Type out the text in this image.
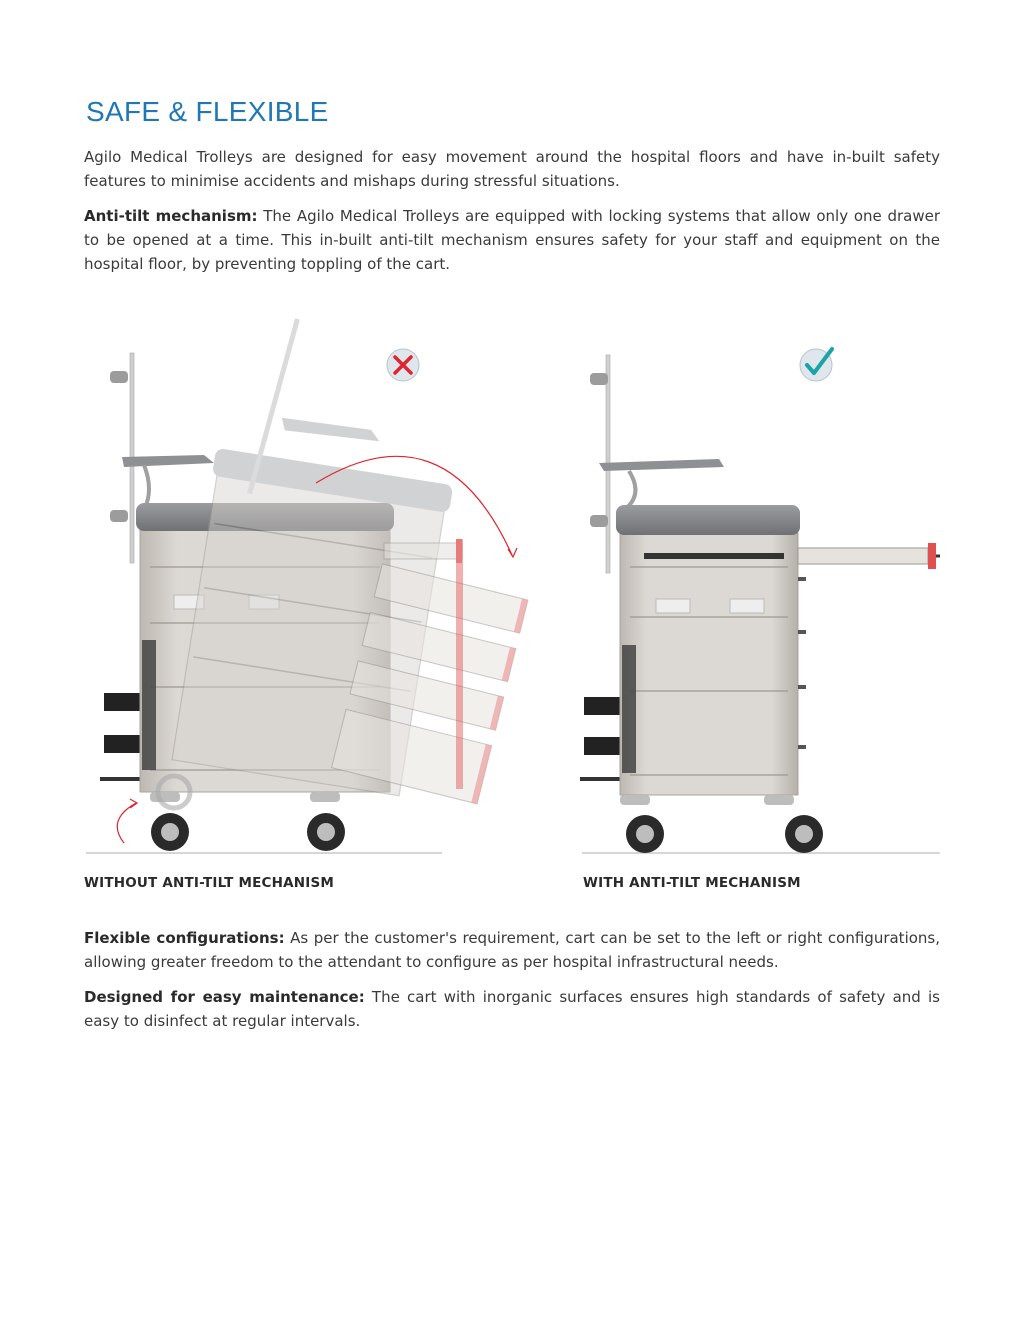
SAFE & FLEXIBLE

Agilo Medical Trolleys are designed for easy movement around the hospital floors and have in-built safety features to minimise accidents and mishaps during stressful situations.

Anti-tilt mechanism: The Agilo Medical Trolleys are equipped with locking systems that allow only one drawer to be opened at a time. This in-built anti-tilt mechanism ensures safety for your staff and equipment on the hospital floor, by preventing toppling of the cart.

WITHOUT ANTI-TILT MECHANISM	WITH ANTI-TILT MECHANISM

Flexible configurations: As per the customer's requirement, cart can be set to the left or right configurations, allowing greater freedom to the attendant to configure as per hospital infrastructural needs.

Designed for easy maintenance: The cart with inorganic surfaces ensures high standards of safety and is easy to disinfect at regular intervals.
